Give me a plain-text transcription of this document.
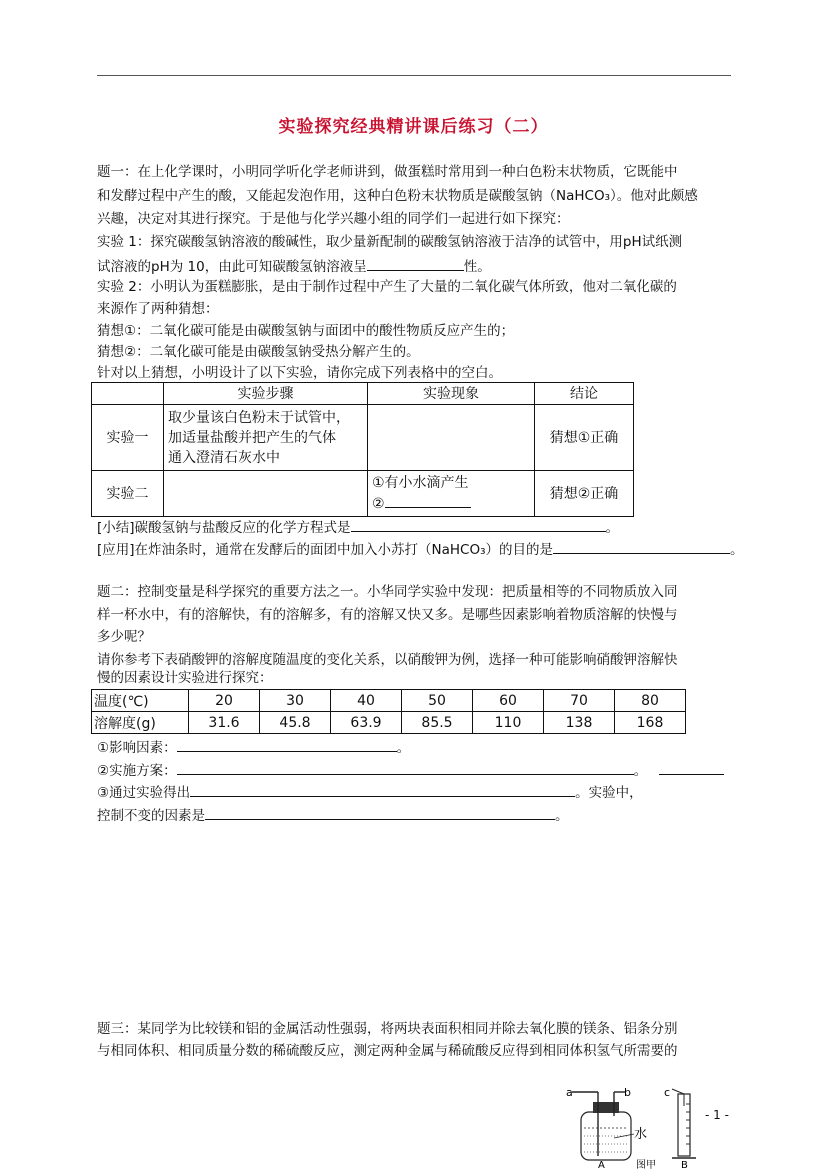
实验探究经典精讲课后练习（二）
题一：在上化学课时，小明同学听化学老师讲到，做蛋糕时常用到一种白色粉末状物质，它既能中
和发酵过程中产生的酸，又能起发泡作用，这种白色粉末状物质是碳酸氢钠（NaHCO₃）。他对此颇感
兴趣，决定对其进行探究。于是他与化学兴趣小组的同学们一起进行如下探究：
实验 1：探究碳酸氢钠溶液的酸碱性，取少量新配制的碳酸氢钠溶液于洁净的试管中，用pH试纸测
试溶液的pH为 10，由此可知碳酸氢钠溶液呈	性。
实验 2：小明认为蛋糕膨胀，是由于制作过程中产生了大量的二氧化碳气体所致，他对二氧化碳的
来源作了两种猜想：
猜想①：二氧化碳可能是由碳酸氢钠与面团中的酸性物质反应产生的；
猜想②：二氧化碳可能是由碳酸氢钠受热分解产生的。
针对以上猜想，小明设计了以下实验，请你完成下列表格中的空白。
	实验步骤	实验现象	结论
实验一	取少量该白色粉末于试管中，
加适量盐酸并把产生的气体
通入澄清石灰水中		猜想①正确
实验二		①有小水滴产生
②	猜想②正确
[小结]碳酸氢钠与盐酸反应的化学方程式是	。
[应用]在炸油条时，通常在发酵后的面团中加入小苏打（NaHCO₃）的目的是	。
题二：控制变量是科学探究的重要方法之一。小华同学实验中发现：把质量相等的不同物质放入同
样一杯水中，有的溶解快，有的溶解多，有的溶解又快又多。是哪些因素影响着物质溶解的快慢与
多少呢？
请你参考下表硝酸钾的溶解度随温度的变化关系，以硝酸钾为例，选择一种可能影响硝酸钾溶解快
慢的因素设计实验进行探究：
温度(℃)	20	30	40	50	60	70	80
溶解度(g)	31.6	45.8	63.9	85.5	110	138	168
①影响因素：	。
②实施方案：	。
③通过实验得出	。实验中，
控制不变的因素是	。
题三：某同学为比较镁和铝的金属活动性强弱，将两块表面积相同并除去氧化膜的镁条、铝条分别
与相同体积、相同质量分数的稀硫酸反应，测定两种金属与稀硫酸反应得到相同体积氢气所需要的
a	b
水
A	图甲
c
B
- 1 -
